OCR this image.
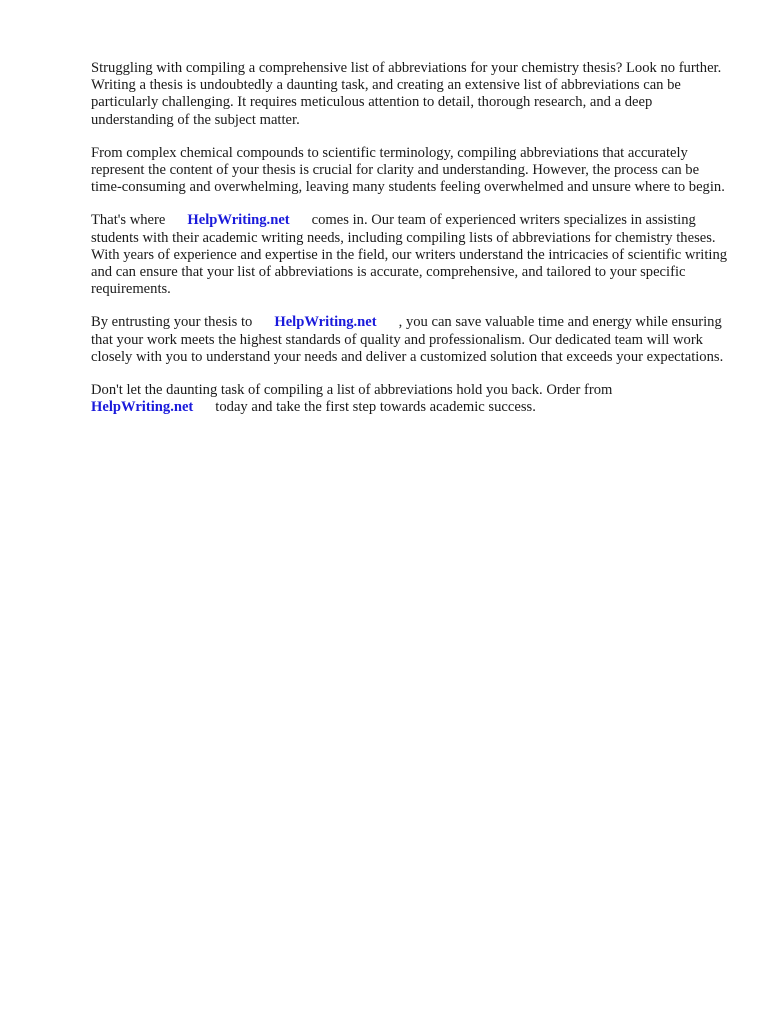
Struggling with compiling a comprehensive list of abbreviations for your chemistry thesis? Look no further. Writing a thesis is undoubtedly a daunting task, and creating an extensive list of abbreviations can be particularly challenging. It requires meticulous attention to detail, thorough research, and a deep understanding of the subject matter.

From complex chemical compounds to scientific terminology, compiling abbreviations that accurately represent the content of your thesis is crucial for clarity and understanding. However, the process can be time-consuming and overwhelming, leaving many students feeling overwhelmed and unsure where to begin.

That's where HelpWriting.net comes in. Our team of experienced writers specializes in assisting students with their academic writing needs, including compiling lists of abbreviations for chemistry theses. With years of experience and expertise in the field, our writers understand the intricacies of scientific writing and can ensure that your list of abbreviations is accurate, comprehensive, and tailored to your specific requirements.

By entrusting your thesis to HelpWriting.net , you can save valuable time and energy while ensuring that your work meets the highest standards of quality and professionalism. Our dedicated team will work closely with you to understand your needs and deliver a customized solution that exceeds your expectations.

Don't let the daunting task of compiling a list of abbreviations hold you back. Order from HelpWriting.net today and take the first step towards academic success.
